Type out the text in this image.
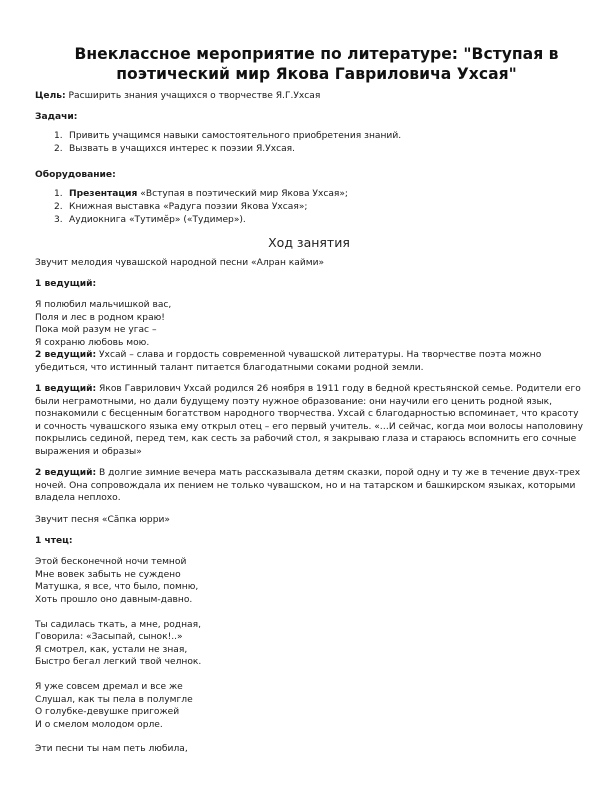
Внеклассное мероприятие по литературе: "Вступая в поэтический мир Якова Гавриловича Ухсая"

Цель: Расширить знания учащихся о творчестве Я.Г.Ухсая

Задачи:

1. Привить учащимся навыки самостоятельного приобретения знаний.
2. Вызвать в учащихся интерес к поэзии Я.Ухсая.

Оборудование:

1. Презентация «Вступая в поэтический мир Якова Ухсая»;
2. Книжная выставка «Радуга поэзии Якова Ухсая»;
3. Аудиокнига «Тутимĕр» («Тудимер»).
Ход занятия

Звучит мелодия чувашской народной песни «Алран кайми»

1 ведущий:

Я полюбил мальчишкой вас,

Поля и лес в родном краю!

Пока мой разум не угас –

Я сохраню любовь мою.

2 ведущий: Ухсай – слава и гордость современной чувашской литературы. На творчестве поэта можно убедиться, что истинный талант питается благодатными соками родной земли.

1 ведущий: Яков Гаврилович Ухсай родился 26 ноября в 1911 году в бедной крестьянской семье. Родители его были неграмотными, но дали будущему поэту нужное образование: они научили его ценить родной язык, познакомили с бесценным богатством народного творчества. Ухсай с благодарностью вспоминает, что красоту и сочность чувашского языка ему открыл отец – его первый учитель. «…И сейчас, когда мои волосы наполовину покрылись сединой, перед тем, как сесть за рабочий стол, я закрываю глаза и стараюсь вспомнить его сочные выражения и образы»

2 ведущий: В долгие зимние вечера мать рассказывала детям сказки, порой одну и ту же в течение двух-трех ночей. Она сопровождала их пением не только чувашском, но и на татарском и башкирском языках, которыми владела неплохо.

Звучит песня «Сăпка юрри»

1 чтец:

Этой бесконечной ночи темной

Мне вовек забыть не суждено

Матушка, я все, что было, помню,

Хоть прошло оно давным-давно.

Ты садилась ткать, а мне, родная,

Говорила: «Засыпай, сынок!..»

Я смотрел, как, устали не зная,

Быстро бегал легкий твой челнок.

Я уже совсем дремал и все же

Слушал, как ты пела в полумгле

О голубке-девушке пригожей

И о смелом молодом орле.

Эти песни ты нам петь любила,
